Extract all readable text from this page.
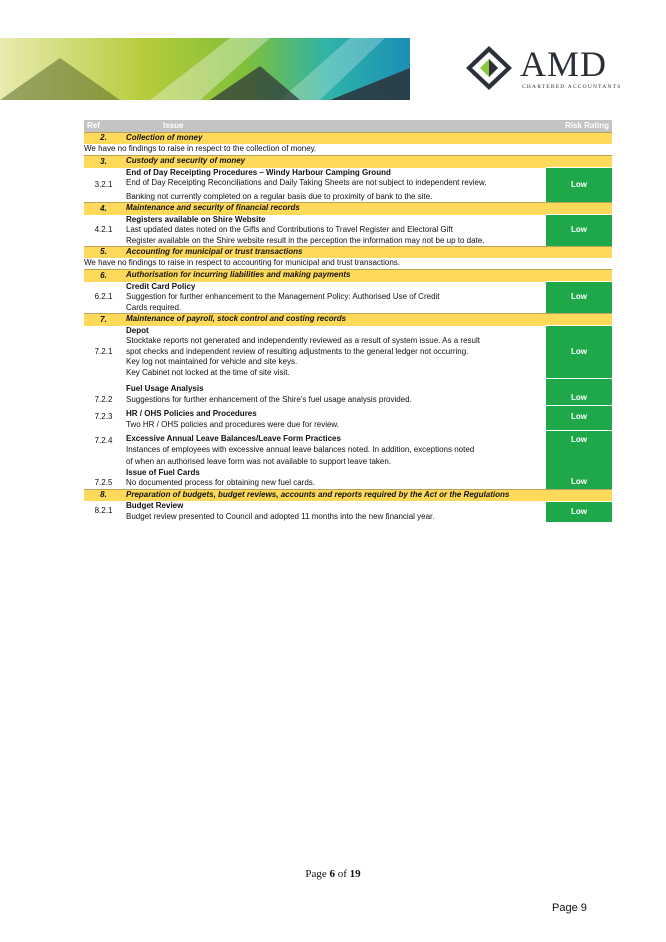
AMD
CHARTERED ACCOUNTANTS
Ref	Issue	Risk Rating
2.	Collection of money	
We have no findings to raise in respect to the collection of money.		
3.	Custody and security of money	
3.2.1	End of Day Receipting Procedures – Windy Harbour Camping Ground
End of Day Receipting Reconciliations and Daily Taking Sheets are not subject to independent review.
Banking not currently completed on a regular basis due to proximity of bank to the site.	Low
4.	Maintenance and security of financial records	
4.2.1	Registers available on Shire Website
Last updated dates noted on the Gifts and Contributions to Travel Register and Electoral Gift
Register available on the Shire website result in the perception the information may not be up to date.	Low
5.	Accounting for municipal or trust transactions	
We have no findings to raise in respect to accounting for municipal and trust transactions.		
6.	Authorisation for incurring liabilities and making payments	
6.2.1	Credit Card Policy
Suggestion for further enhancement to the Management Policy: Authorised Use of Credit
Cards required.	Low
7.	Maintenance of payroll, stock control and costing records	
7.2.1	Depot
Stocktake reports not generated and independently reviewed as a result of system issue. As a result
spot checks and independent review of resulting adjustments to the general ledger not occurring.
Key log not maintained for vehicle and site keys.
Key Cabinet not locked at the time of site visit.	Low
7.2.2	Fuel Usage Analysis
Suggestions for further enhancement of the Shire’s fuel usage analysis provided.	Low
7.2.3	HR / OHS Policies and Procedures
Two HR / OHS policies and procedures were due for review.	Low
7.2.4	Excessive Annual Leave Balances/Leave Form Practices
Instances of employees with excessive annual leave balances noted. In addition, exceptions noted
of when an authorised leave form was not available to support leave taken.	Low
7.2.5	Issue of Fuel Cards
No documented process for obtaining new fuel cards.	Low
8.	Preparation of budgets, budget reviews, accounts and reports required by the Act or the Regulations	
8.2.1	Budget Review
Budget review presented to Council and adopted 11 months into the new financial year.	Low
Page 6 of 19
Page 9
